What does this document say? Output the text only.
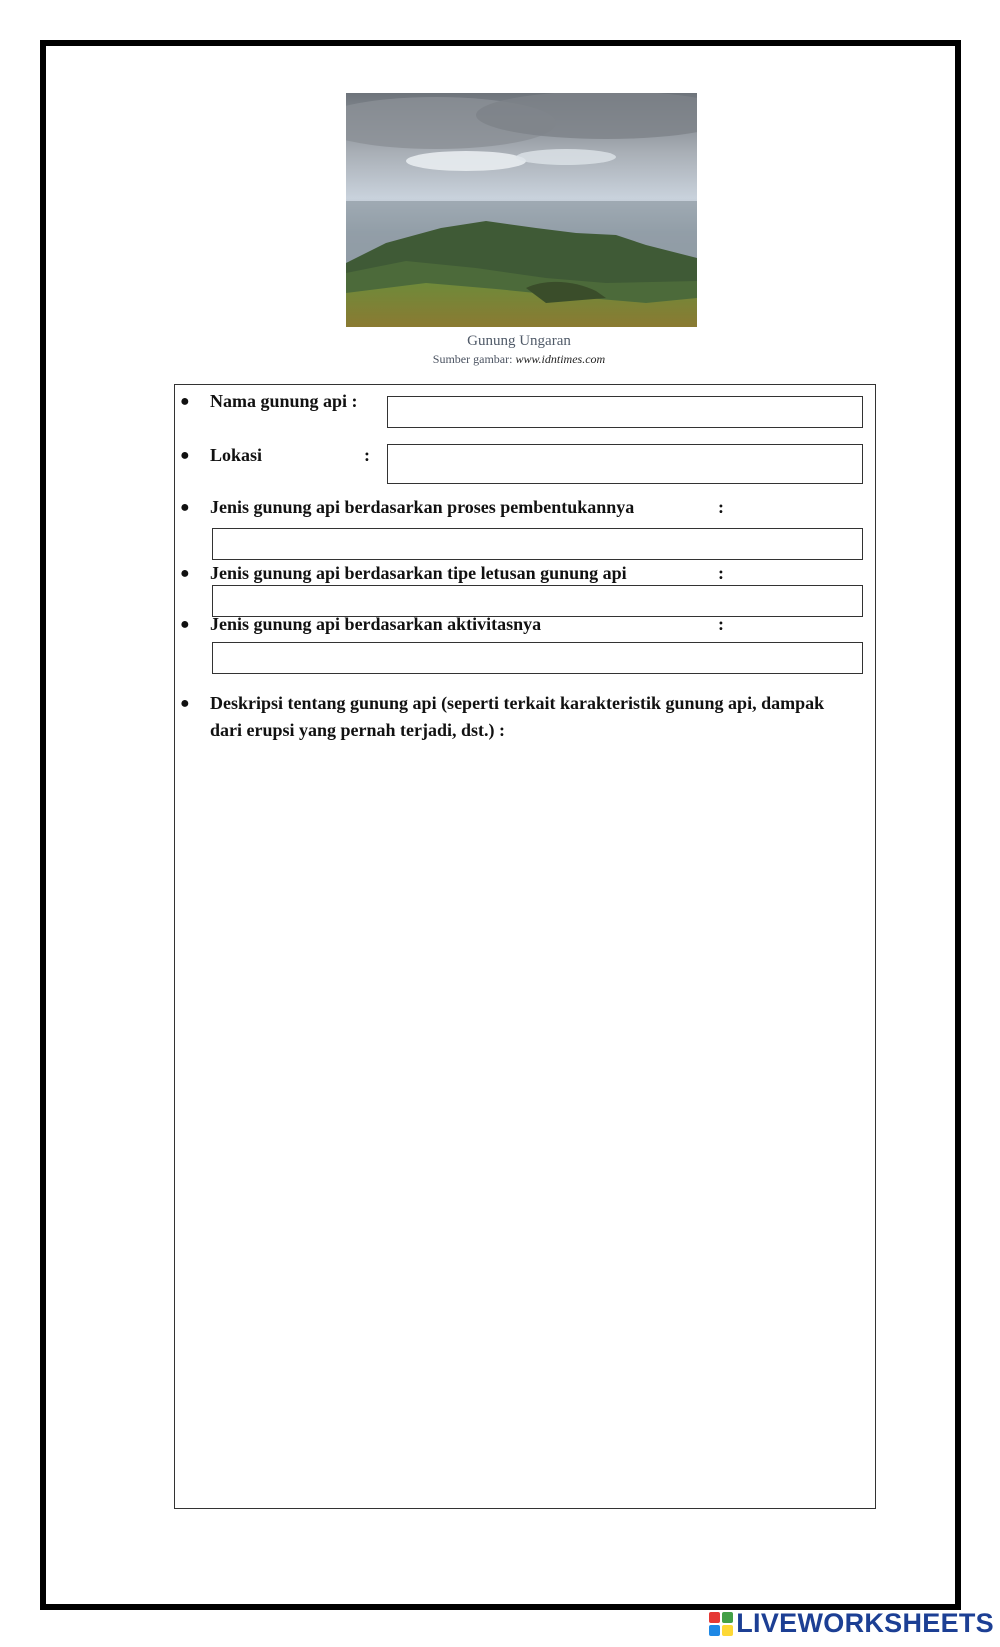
Gunung Ungaran
Sumber gambar: www.idntimes.com
● Nama gunung api :
● Lokasi	:
● Jenis gunung api berdasarkan proses pembentukannya	:
● Jenis gunung api berdasarkan tipe letusan gunung api	:
● Jenis gunung api berdasarkan aktivitasnya	:
● Deskripsi tentang gunung api (seperti terkait karakteristik gunung api, dampak dari erupsi yang pernah terjadi, dst.) :
LIVEWORKSHEETS
